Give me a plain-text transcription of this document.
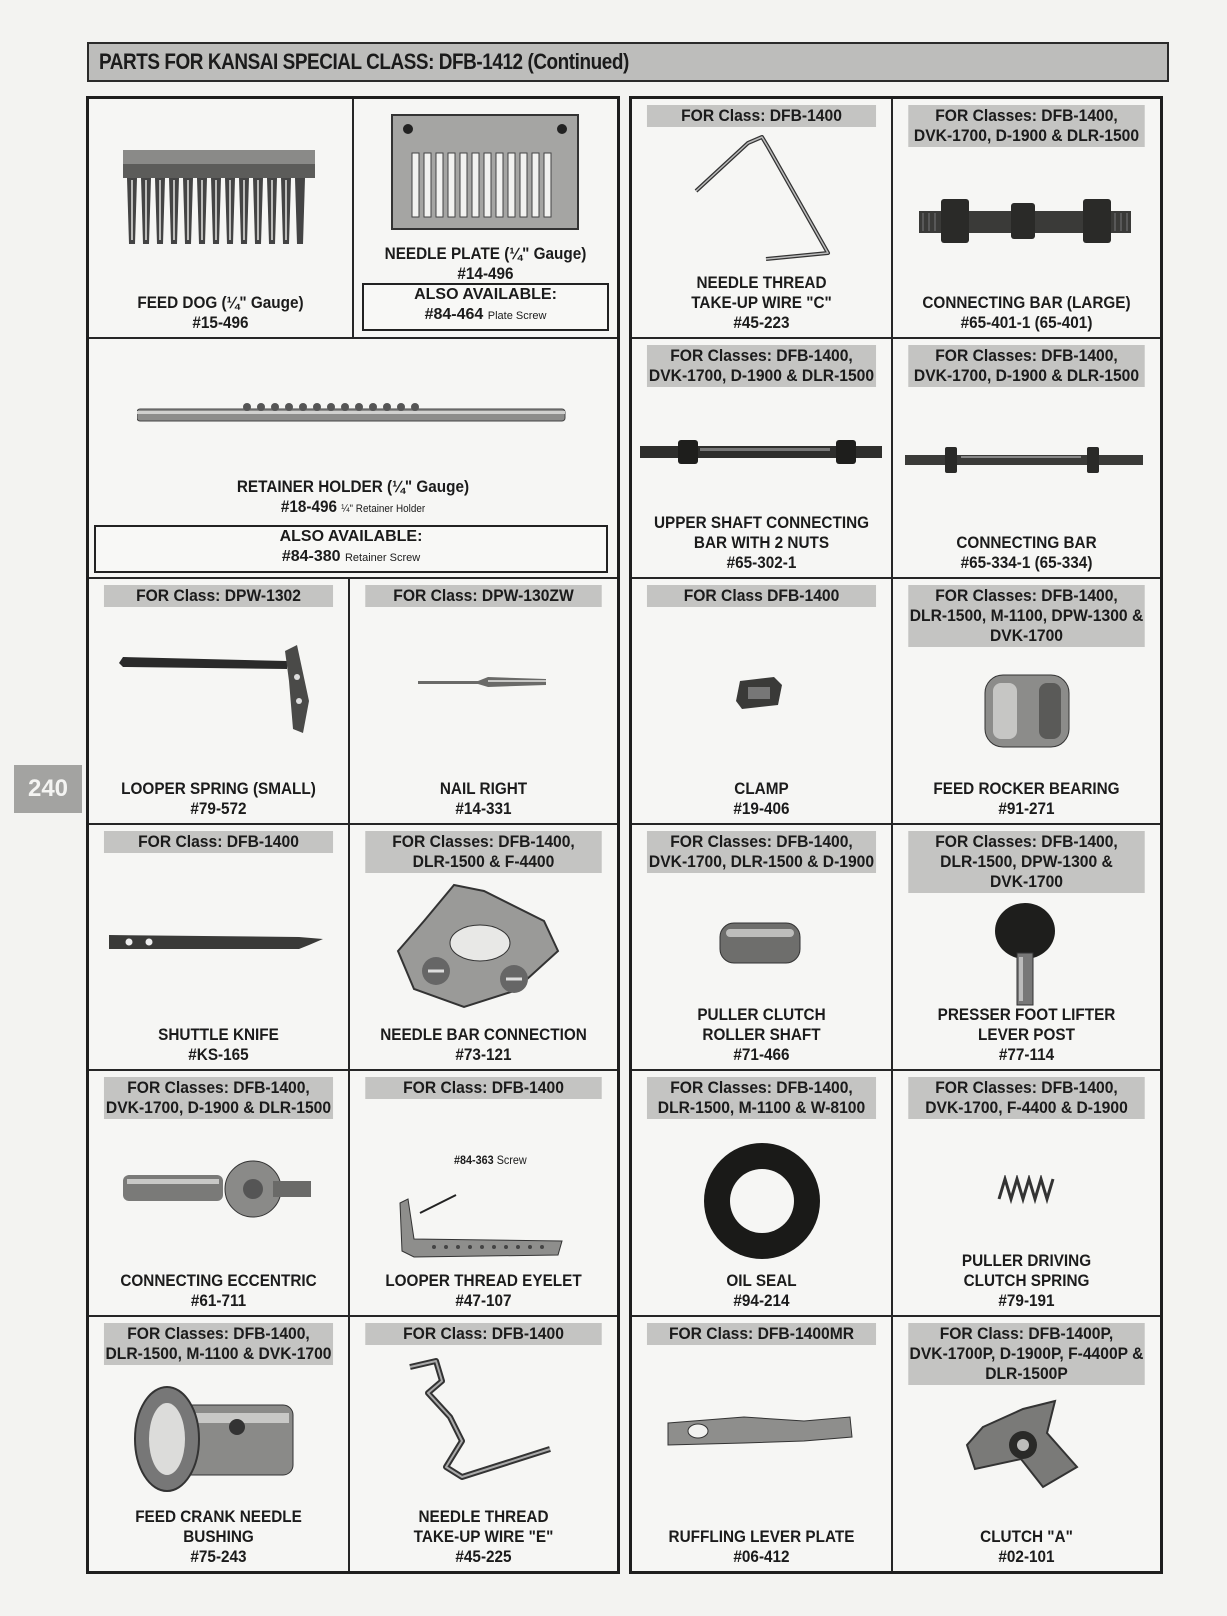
PARTS FOR KANSAI SPECIAL CLASS: DFB-1412 (Continued)
240
FEED DOG (¼" Gauge)
#15-496
NEEDLE PLATE (¼" Gauge)
#14-496
ALSO AVAILABLE:
#84-464 Plate Screw
RETAINER HOLDER (¼" Gauge)
#18-496 ¼" Retainer Holder
ALSO AVAILABLE:
#84-380 Retainer Screw
FOR Class: DPW-1302
LOOPER SPRING (SMALL)
#79-572
FOR Class: DPW-130ZW
NAIL RIGHT
#14-331
FOR Class: DFB-1400
SHUTTLE KNIFE
#KS-165
FOR Classes: DFB-1400,
DLR-1500 & F-4400
NEEDLE BAR CONNECTION
#73-121
FOR Classes: DFB-1400,
DVK-1700, D-1900 & DLR-1500
CONNECTING ECCENTRIC
#61-711
FOR Class: DFB-1400
#84-363 Screw
LOOPER THREAD EYELET
#47-107
FOR Classes: DFB-1400,
DLR-1500, M-1100 & DVK-1700
FEED CRANK NEEDLE BUSHING
#75-243
FOR Class: DFB-1400
NEEDLE THREAD
TAKE-UP WIRE "E"
#45-225
FOR Class: DFB-1400
NEEDLE THREAD
TAKE-UP WIRE "C"
#45-223
FOR Classes: DFB-1400,
DVK-1700, D-1900 & DLR-1500
CONNECTING BAR (LARGE)
#65-401-1 (65-401)
FOR Classes: DFB-1400,
DVK-1700, D-1900 & DLR-1500
UPPER SHAFT CONNECTING
BAR WITH 2 NUTS
#65-302-1
FOR Classes: DFB-1400,
DVK-1700, D-1900 & DLR-1500
CONNECTING BAR
#65-334-1 (65-334)
FOR Class DFB-1400
CLAMP
#19-406
FOR Classes: DFB-1400,
DLR-1500, M-1100, DPW-1300 &
DVK-1700
FEED ROCKER BEARING
#91-271
FOR Classes: DFB-1400,
DVK-1700, DLR-1500 & D-1900
PULLER CLUTCH
ROLLER SHAFT
#71-466
FOR Classes: DFB-1400,
DLR-1500, DPW-1300 &
DVK-1700
PRESSER FOOT LIFTER
LEVER POST
#77-114
FOR Classes: DFB-1400,
DLR-1500, M-1100 & W-8100
OIL SEAL
#94-214
FOR Classes: DFB-1400,
DVK-1700, F-4400 & D-1900
PULLER DRIVING
CLUTCH SPRING
#79-191
FOR Class: DFB-1400MR
RUFFLING LEVER PLATE
#06-412
FOR Class: DFB-1400P,
DVK-1700P, D-1900P, F-4400P &
DLR-1500P
CLUTCH "A"
#02-101
